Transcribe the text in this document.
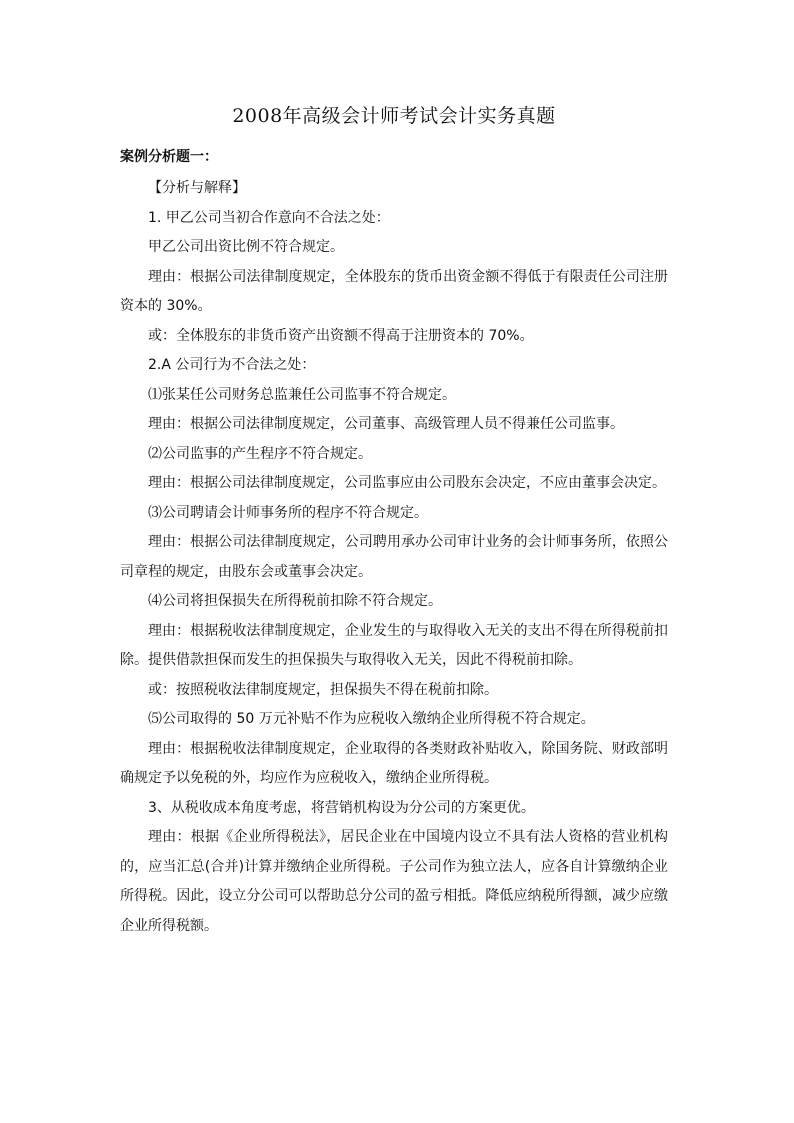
2008年高级会计师考试会计实务真题
案例分析题一：

【分析与解释】

1. 甲乙公司当初合作意向不合法之处：

甲乙公司出资比例不符合规定。

理由：根据公司法律制度规定，全体股东的货币出资金额不得低于有限责任公司注册资本的 30%。

或：全体股东的非货币资产出资额不得高于注册资本的 70%。

2.A 公司行为不合法之处：

⑴张某任公司财务总监兼任公司监事不符合规定。

理由：根据公司法律制度规定，公司董事、高级管理人员不得兼任公司监事。

⑵公司监事的产生程序不符合规定。

理由：根据公司法律制度规定，公司监事应由公司股东会决定，不应由董事会决定。

⑶公司聘请会计师事务所的程序不符合规定。

理由：根据公司法律制度规定，公司聘用承办公司审计业务的会计师事务所，依照公司章程的规定，由股东会或董事会决定。

⑷公司将担保损失在所得税前扣除不符合规定。

理由：根据税收法律制度规定，企业发生的与取得收入无关的支出不得在所得税前扣除。提供借款担保而发生的担保损失与取得收入无关，因此不得税前扣除。

或：按照税收法律制度规定，担保损失不得在税前扣除。

⑸公司取得的 50 万元补贴不作为应税收入缴纳企业所得税不符合规定。

理由：根据税收法律制度规定，企业取得的各类财政补贴收入，除国务院、财政部明确规定予以免税的外，均应作为应税收入，缴纳企业所得税。

3、从税收成本角度考虑，将营销机构设为分公司的方案更优。

理由：根据《企业所得税法》，居民企业在中国境内设立不具有法人资格的营业机构的，应当汇总(合并)计算并缴纳企业所得税。子公司作为独立法人，应各自计算缴纳企业所得税。因此，设立分公司可以帮助总分公司的盈亏相抵。降低应纳税所得额，减少应缴企业所得税额。
